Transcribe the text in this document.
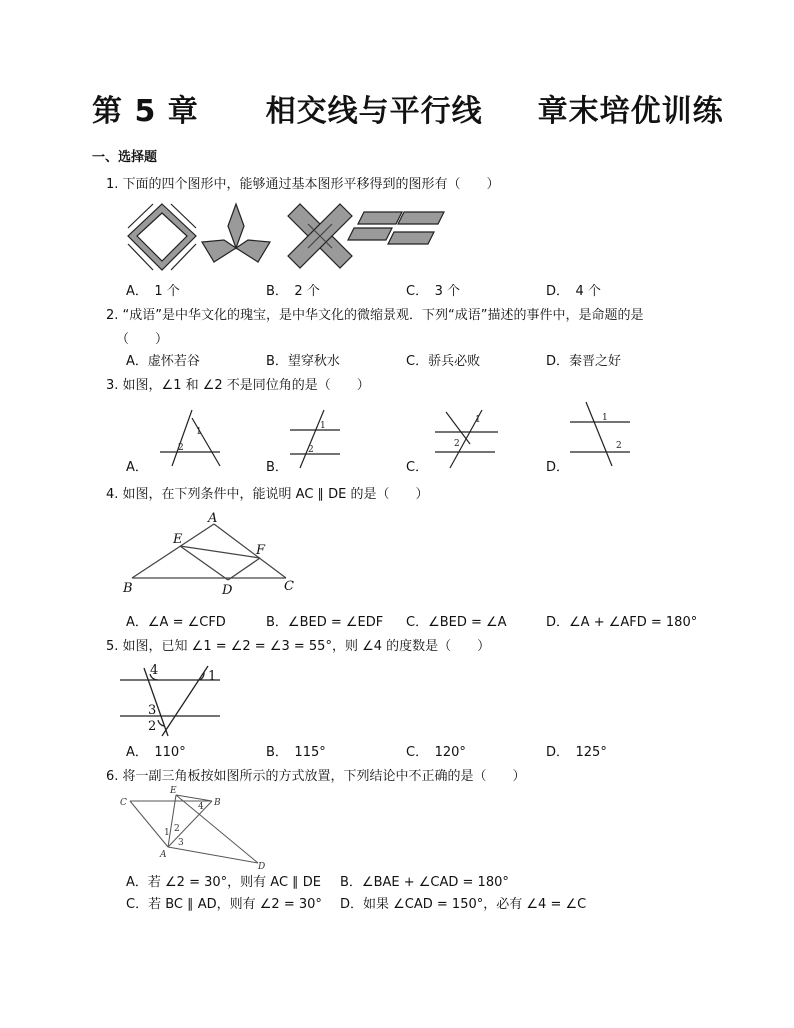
第 5 章 相交线与平行线 章末培优训练
一、选择题
1. 下面的四个图形中，能够通过基本图形平移得到的图形有（　　）
A．　1 个	B．　2 个	C．　3 个	D．　4 个
2. “成语”是中华文化的瑰宝，是中华文化的微缩景观．下列“成语”描述的事件中，是命题的是
（　　）
A．虚怀若谷	B．望穿秋水	C．骄兵必败	D．秦晋之好
3. 如图，∠1 和 ∠2 不是同位角的是（　　）
A．	B．	C．	D．
1
2
1
2
1
2
1
2
4. 如图，在下列条件中，能说明 AC ∥ DE 的是（　　）
A
E
F
B	D	C
A．∠A = ∠CFD	B．∠BED = ∠EDF C．∠BED = ∠A	D．∠A + ∠AFD = 180°
5. 如图，已知 ∠1 = ∠2 = ∠3 = 55°，则 ∠4 的度数是（　　）
4	1
3
2
A．　110°	B．　115°	C．　120°	D．　125°
6. 将一副三角板按如图所示的方式放置，下列结论中不正确的是（　　）
C
E
B
A
D
4
1 2
3
A．若 ∠2 = 30°，则有 AC ∥ DE B．∠BAE + ∠CAD = 180°
C．若 BC ∥ AD，则有 ∠2 = 30° D．如果 ∠CAD = 150°，必有 ∠4 = ∠C
